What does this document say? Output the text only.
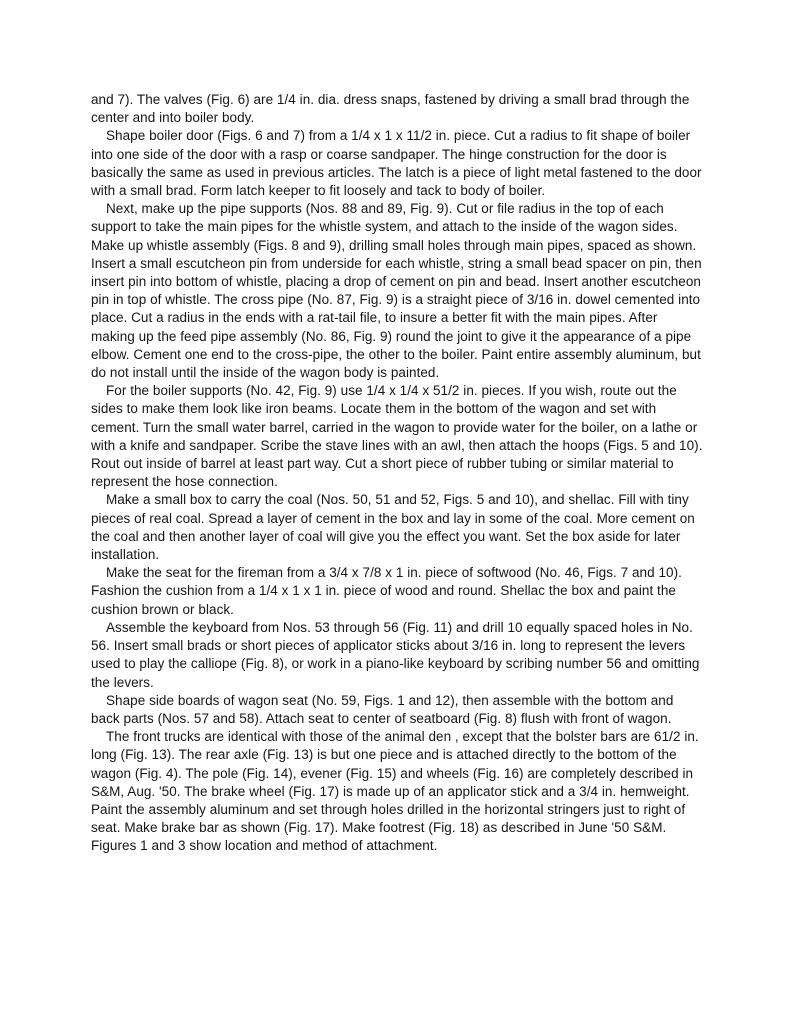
and 7). The valves (Fig. 6) are 1/4 in. dia. dress snaps, fastened by driving a small brad through the center and into boiler body.

Shape boiler door (Figs. 6 and 7) from a 1/4 x 1 x 11/2 in. piece. Cut a radius to fit shape of boiler into one side of the door with a rasp or coarse sandpaper. The hinge construction for the door is basically the same as used in previous articles. The latch is a piece of light metal fastened to the door with a small brad. Form latch keeper to fit loosely and tack to body of boiler.

Next, make up the pipe supports (Nos. 88 and 89, Fig. 9). Cut or file radius in the top of each support to take the main pipes for the whistle system, and attach to the inside of the wagon sides. Make up whistle assembly (Figs. 8 and 9), drilling small holes through main pipes, spaced as shown. Insert a small escutcheon pin from underside for each whistle, string a small bead spacer on pin, then insert pin into bottom of whistle, placing a drop of cement on pin and bead. Insert another escutcheon pin in top of whistle. The cross pipe (No. 87, Fig. 9) is a straight piece of 3/16 in. dowel cemented into place. Cut a radius in the ends with a rat-tail file, to insure a better fit with the main pipes. After making up the feed pipe assembly (No. 86, Fig. 9) round the joint to give it the appearance of a pipe elbow. Cement one end to the cross-pipe, the other to the boiler. Paint entire assembly aluminum, but do not install until the inside of the wagon body is painted.

For the boiler supports (No. 42, Fig. 9) use 1/4 x 1/4 x 51/2 in. pieces. If you wish, route out the sides to make them look like iron beams. Locate them in the bottom of the wagon and set with cement. Turn the small water barrel, carried in the wagon to provide water for the boiler, on a lathe or with a knife and sandpaper. Scribe the stave lines with an awl, then attach the hoops (Figs. 5 and 10). Rout out inside of barrel at least part way. Cut a short piece of rubber tubing or similar material to represent the hose connection.

Make a small box to carry the coal (Nos. 50, 51 and 52, Figs. 5 and 10), and shellac. Fill with tiny pieces of real coal. Spread a layer of cement in the box and lay in some of the coal. More cement on the coal and then another layer of coal will give you the effect you want. Set the box aside for later installation.

Make the seat for the fireman from a 3/4 x 7/8 x 1 in. piece of softwood (No. 46, Figs. 7 and 10). Fashion the cushion from a 1/4 x 1 x 1 in. piece of wood and round. Shellac the box and paint the cushion brown or black.

Assemble the keyboard from Nos. 53 through 56 (Fig. 11) and drill 10 equally spaced holes in No. 56. Insert small brads or short pieces of applicator sticks about 3/16 in. long to represent the levers used to play the calliope (Fig. 8), or work in a piano-like keyboard by scribing number 56 and omitting the levers.

Shape side boards of wagon seat (No. 59, Figs. 1 and 12), then assemble with the bottom and back parts (Nos. 57 and 58). Attach seat to center of seatboard (Fig. 8) flush with front of wagon.

The front trucks are identical with those of the animal den , except that the bolster bars are 61/2 in. long (Fig. 13). The rear axle (Fig. 13) is but one piece and is attached directly to the bottom of the wagon (Fig. 4). The pole (Fig. 14), evener (Fig. 15) and wheels (Fig. 16) are completely described in S&M, Aug. '50. The brake wheel (Fig. 17) is made up of an applicator stick and a 3/4 in. hemweight. Paint the assembly aluminum and set through holes drilled in the horizontal stringers just to right of seat. Make brake bar as shown (Fig. 17). Make footrest (Fig. 18) as described in June '50 S&M. Figures 1 and 3 show location and method of attachment.
